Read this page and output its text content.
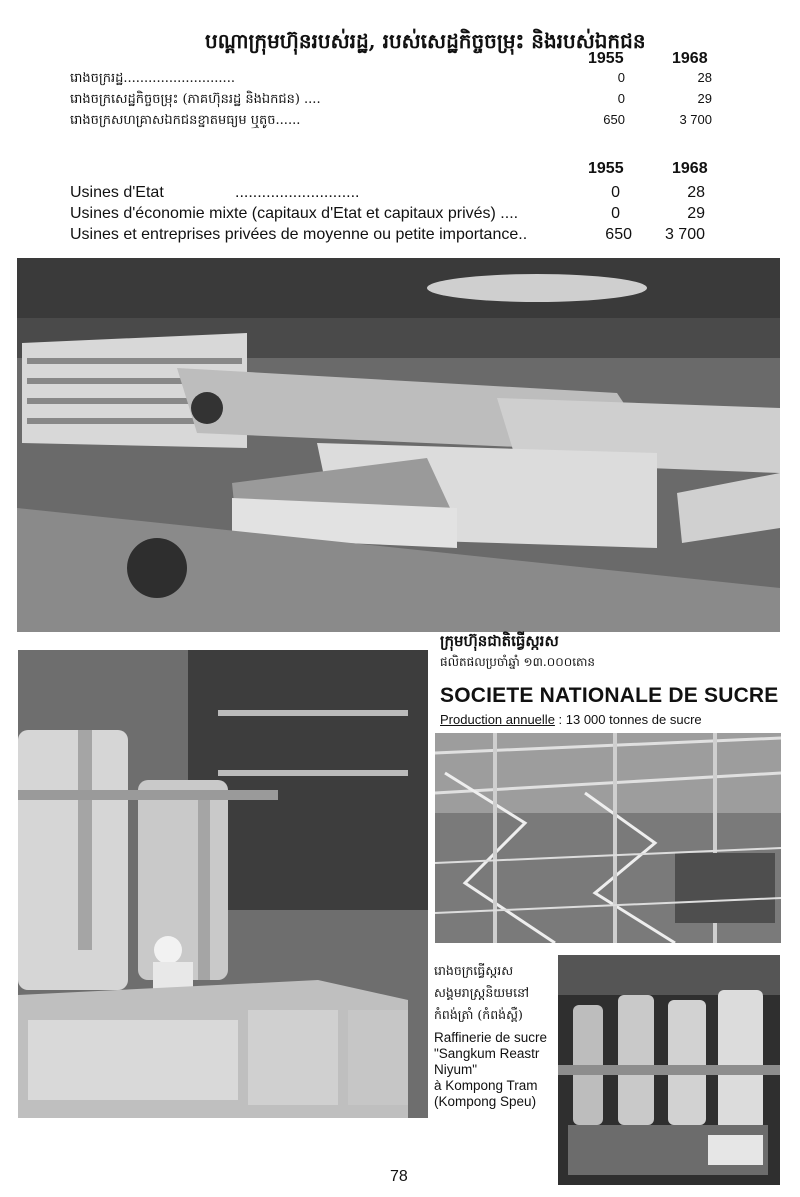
បណ្ដាក្រុមហ៊ុនរបស់រដ្ឋ, របស់សេដ្ឋកិច្ចចម្រុះ និងរបស់ឯកជន
1955	1968
រោងចក្ររដ្ឋ...........................	0	28
រោងចក្រសេដ្ឋកិច្ចចម្រុះ (ភាគហ៊ុនរដ្ឋ និងឯកជន) ....	0	29
រោងចក្រសហគ្រាសឯកជនខ្នាតមធ្យម ឬតូច......	650	3 700
1955	1968
Usines d'Etat	............................	0	28
Usines d'économie mixte (capitaux d'Etat et capitaux privés) ....	0	29
Usines et entreprises privées de moyenne ou petite importance..	650	3 700
ក្រុមហ៊ុនជាតិធ្វើស្ករស
ផលិតផលប្រចាំឆ្នាំ ១៣.០០០តោន
SOCIETE NATIONALE DE SUCRE
Production annuelle : 13 000 tonnes de sucre
រោងចក្រធ្វើស្ករស
សង្គមរាស្ត្រនិយមនៅ
កំពង់ត្រាំ (កំពង់ស្ពឺ)
Raffinerie de sucre
"Sangkum Reastr
Niyum"
à Kompong Tram
(Kompong Speu)
78
